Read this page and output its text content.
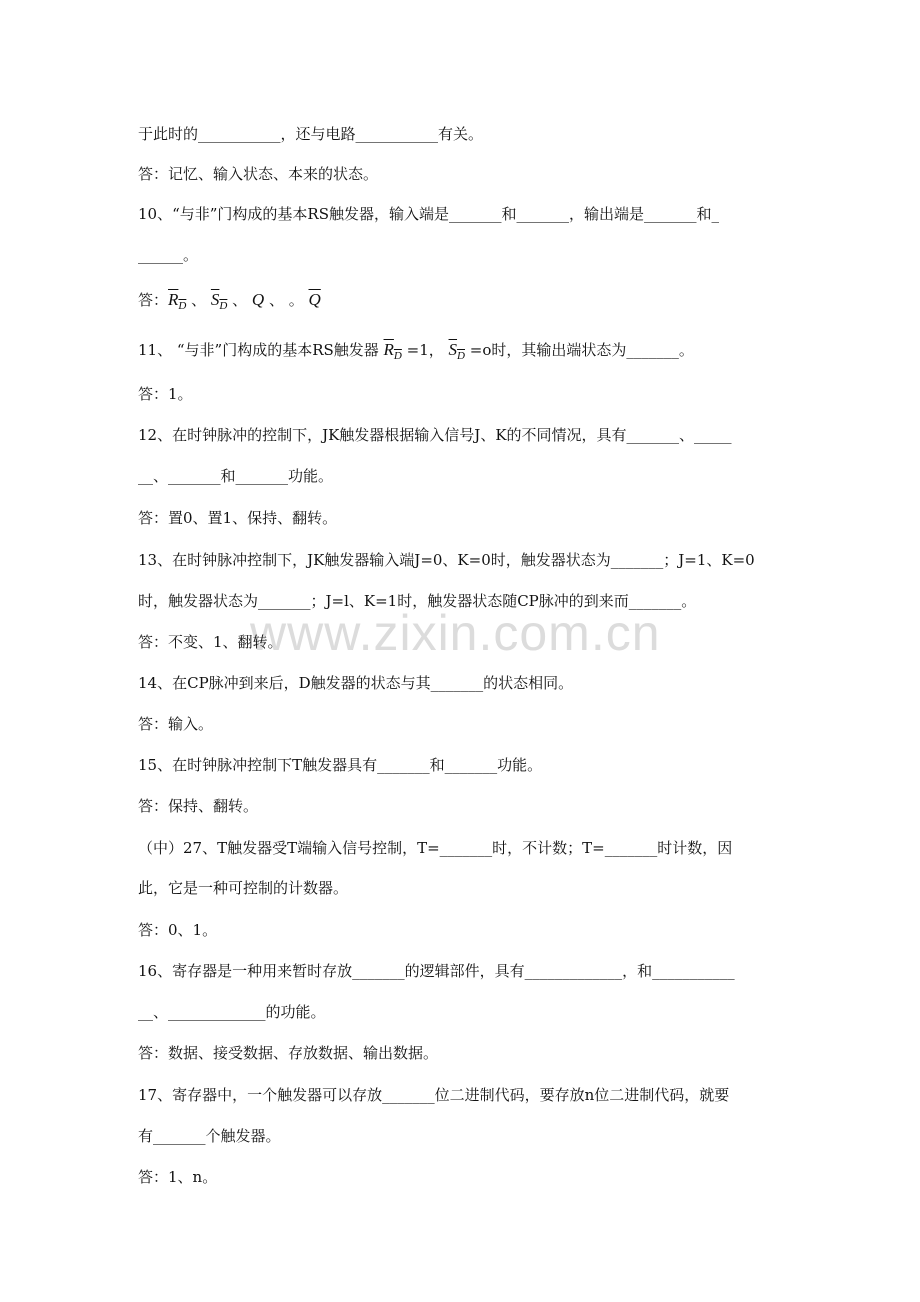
www.zixin.com.cn
于此时的___________，还与电路___________有关。
答：记忆、输入状态、本来的状态。
10、“与非”门构成的基本RS触发器，输入端是_______和_______，输出端是_______和_
______。
答：$R_D$ 、 $S_D$ 、 Q 、 。 $\overline{Q}$
11、 “与非”门构成的基本RS触发器 $R_D =1$， $S_D =o$时，其输出端状态为_______。
答：1。
12、在时钟脉冲的控制下，JK触发器根据输入信号J、K的不同情况，具有_______、_____
__、_______和_______功能。
答：置0、置1、保持、翻转。
13、在时钟脉冲控制下，JK触发器输入端J=0、K=0时，触发器状态为_______；J=1、K=0
时，触发器状态为_______；J=l、K=1时，触发器状态随CP脉冲的到来而_______。
答：不变、1、翻转。
14、在CP脉冲到来后，D触发器的状态与其_______的状态相同。
答：输入。
15、在时钟脉冲控制下T触发器具有_______和_______功能。
答：保持、翻转。
（中）27、T触发器受T端输入信号控制，T=_______时，不计数；T=_______时计数，因
此，它是一种可控制的计数器。
答：0、1。
16、寄存器是一种用来暂时存放_______的逻辑部件，具有_____________，和___________
__、_____________的功能。
答：数据、接受数据、存放数据、输出数据。
17、寄存器中，一个触发器可以存放_______位二进制代码，要存放n位二进制代码，就要
有_______个触发器。
答：1、n。
